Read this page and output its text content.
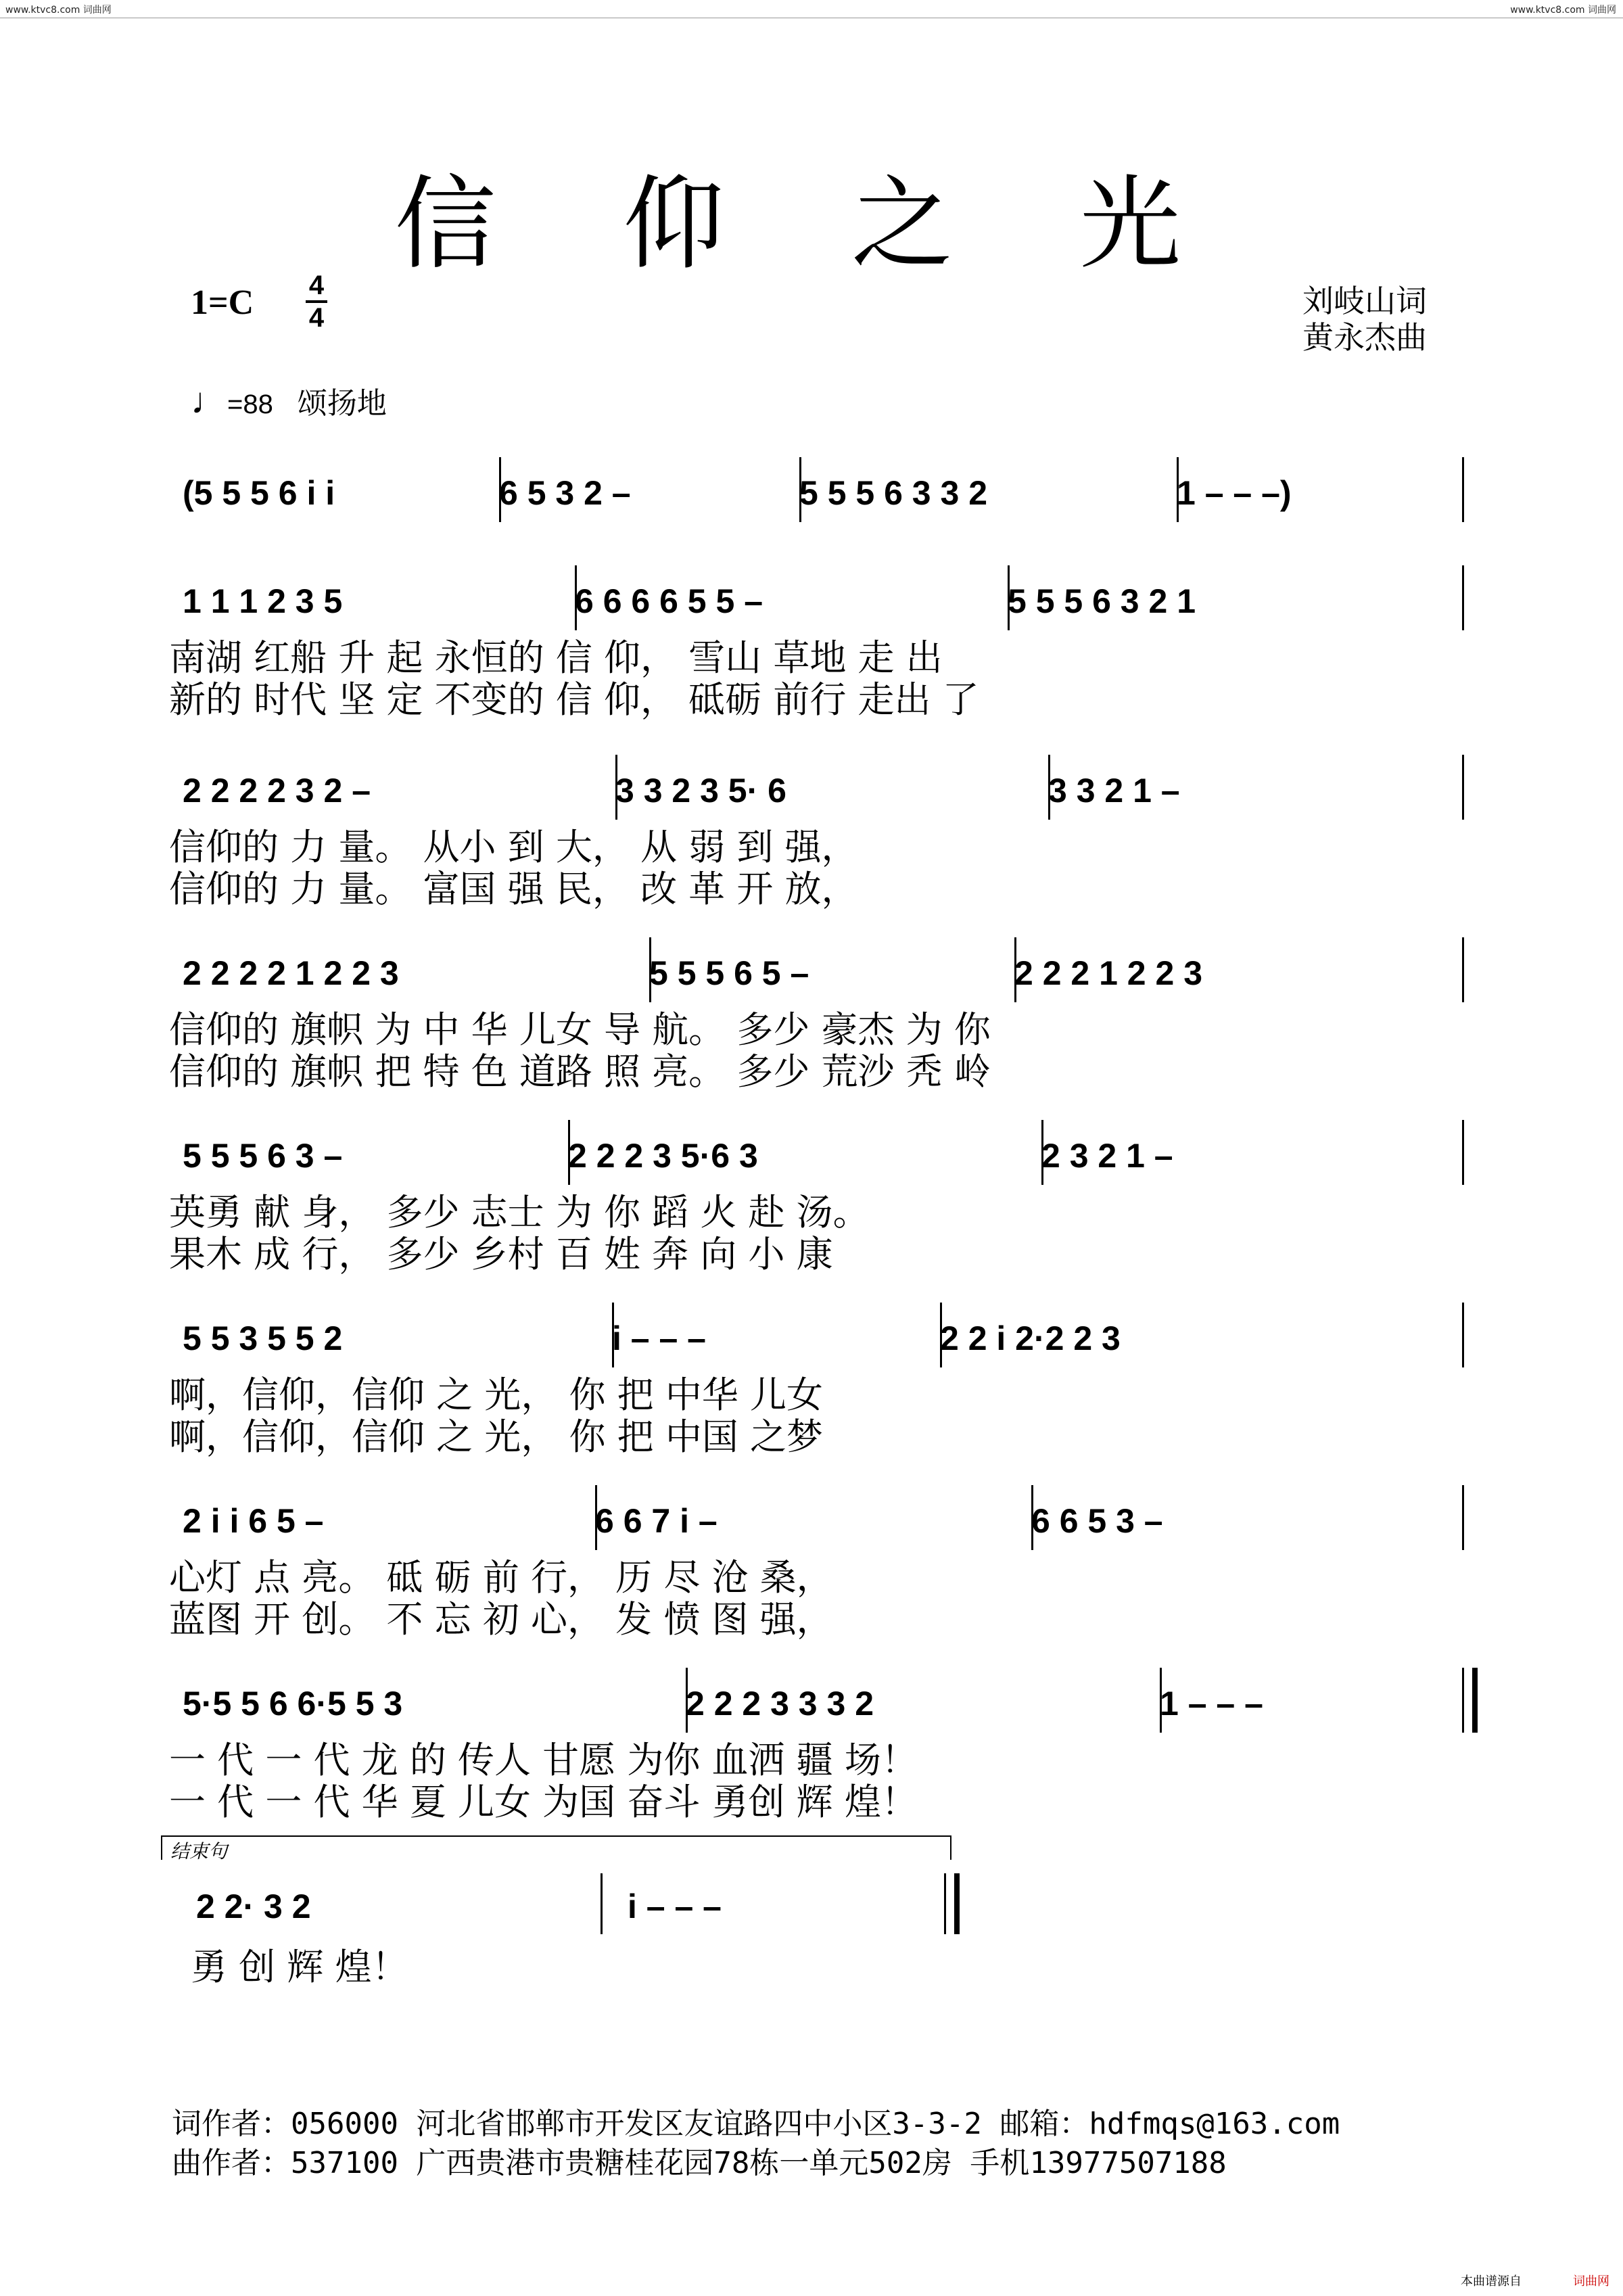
www.ktvc8.com 词曲网	www.ktvc8.com 词曲网
信 仰 之 光
1=C 4
4	刘岐山词
黄永杰曲
♩=88 颂扬地
(5 5 5 6 i i	6 5 3 2 –	5 5 5 6 3 3 2	1 – – –)
1 1 1 2 3 5	6 6 6 6 5 5 –	5 5 5 6 3 2 1
南湖 红船 升 起 永恒的 信 仰， 雪山 草地 走 出
新的 时代 坚 定 不变的 信 仰， 砥砺 前行 走出 了
2 2 2 2 3 2 –	3 3 2 3 5· 6	3 3 2 1 –
信仰的 力 量。 从小 到 大， 从 弱 到 强，
信仰的 力 量。 富国 强 民， 改 革 开 放，
2 2 2 2 1 2 2 3	5 5 5 6 5 –	2 2 2 1 2 2 3
信仰的 旗帜 为 中 华 儿女 导 航。 多少 豪杰 为 你
信仰的 旗帜 把 特 色 道路 照 亮。 多少 荒沙 秃 岭
5 5 5 6 3 –	2 2 2 3 5·6 3	2 3 2 1 –
英勇 献 身， 多少 志士 为 你 蹈 火 赴 汤。
果木 成 行， 多少 乡村 百 姓 奔 向 小 康
5 5 3 5 5 2	i – – –	2 2 i 2·2 2 3
啊，信仰，信仰 之 光， 你 把 中华 儿女
啊，信仰，信仰 之 光， 你 把 中国 之梦
2 i i 6 5 –	6 6 7 i –	6 6 5 3 –
心灯 点 亮。 砥 砺 前 行， 历 尽 沧 桑，
蓝图 开 创。 不 忘 初 心， 发 愤 图 强，
5·5 5 6 6·5 5 3	2 2 2 3 3 3 2	1 – – –
一 代 一 代 龙 的 传人 甘愿 为你 血洒 疆 场！
一 代 一 代 华 夏 儿女 为国 奋斗 勇创 辉 煌！
结束句
2 2· 3 2	i – – –
勇 创 辉 煌！
词作者：056000 河北省邯郸市开发区友谊路四中小区3-3-2 邮箱：hdfmqs@163.com
曲作者：537100 广西贵港市贵糖桂花园78栋一单元502房 手机13977507188
本曲谱源自	词曲网
